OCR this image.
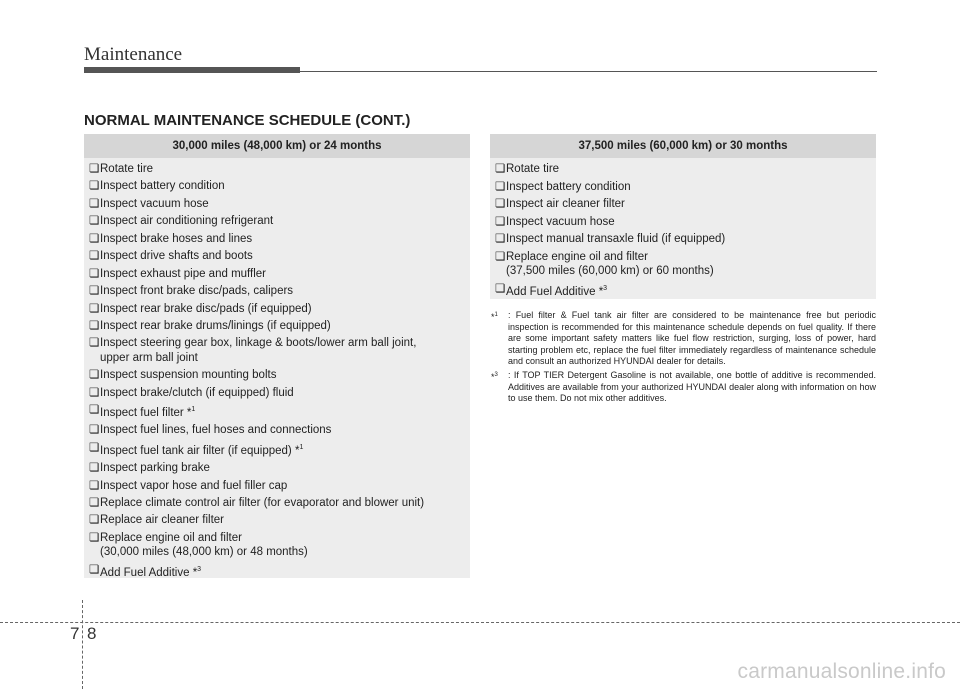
Maintenance
NORMAL MAINTENANCE SCHEDULE (CONT.)
30,000 miles (48,000 km) or 24 months
❏ Rotate tire
❏ Inspect battery condition
❏ Inspect vacuum hose
❏ Inspect air conditioning refrigerant
❏ Inspect brake hoses and lines
❏ Inspect drive shafts and boots
❏ Inspect exhaust pipe and muffler
❏ Inspect front brake disc/pads, calipers
❏ Inspect rear brake disc/pads (if equipped)
❏ Inspect rear brake drums/linings (if equipped)
❏ Inspect steering gear box, linkage & boots/lower arm ball joint,
upper arm ball joint
❏ Inspect suspension mounting bolts
❏ Inspect brake/clutch (if equipped) fluid
❏ Inspect fuel filter *$^1$
❏ Inspect fuel lines, fuel hoses and connections
❏ Inspect fuel tank air filter (if equipped) *$^1$
❏ Inspect parking brake
❏ Inspect vapor hose and fuel filler cap
❏ Replace climate control air filter (for evaporator and blower unit)
❏ Replace air cleaner filter
❏ Replace engine oil and filter
(30,000 miles (48,000 km) or 48 months)
❏ Add Fuel Additive *$^3$
37,500 miles (60,000 km) or 30 months
❏ Rotate tire
❏ Inspect battery condition
❏ Inspect air cleaner filter
❏ Inspect vacuum hose
❏ Inspect manual transaxle fluid (if equipped)
❏ Replace engine oil and filter
(37,500 miles (60,000 km) or 60 months)
❏ Add Fuel Additive *$^3$
*$^1$ : Fuel filter & Fuel tank air filter are considered to be maintenance free but periodic inspection is recommended for this maintenance schedule depends on fuel quality. If there are some important safety matters like fuel flow restriction, surging, loss of power, hard starting problem etc, replace the fuel filter immediately regardless of maintenance schedule and consult an authorized HYUNDAI dealer for details.
*$^3$ : If TOP TIER Detergent Gasoline is not available, one bottle of additive is recommended. Additives are available from your authorized HYUNDAI dealer along with information on how to use them. Do not mix other additives.
7 8
carmanualsonline.info
